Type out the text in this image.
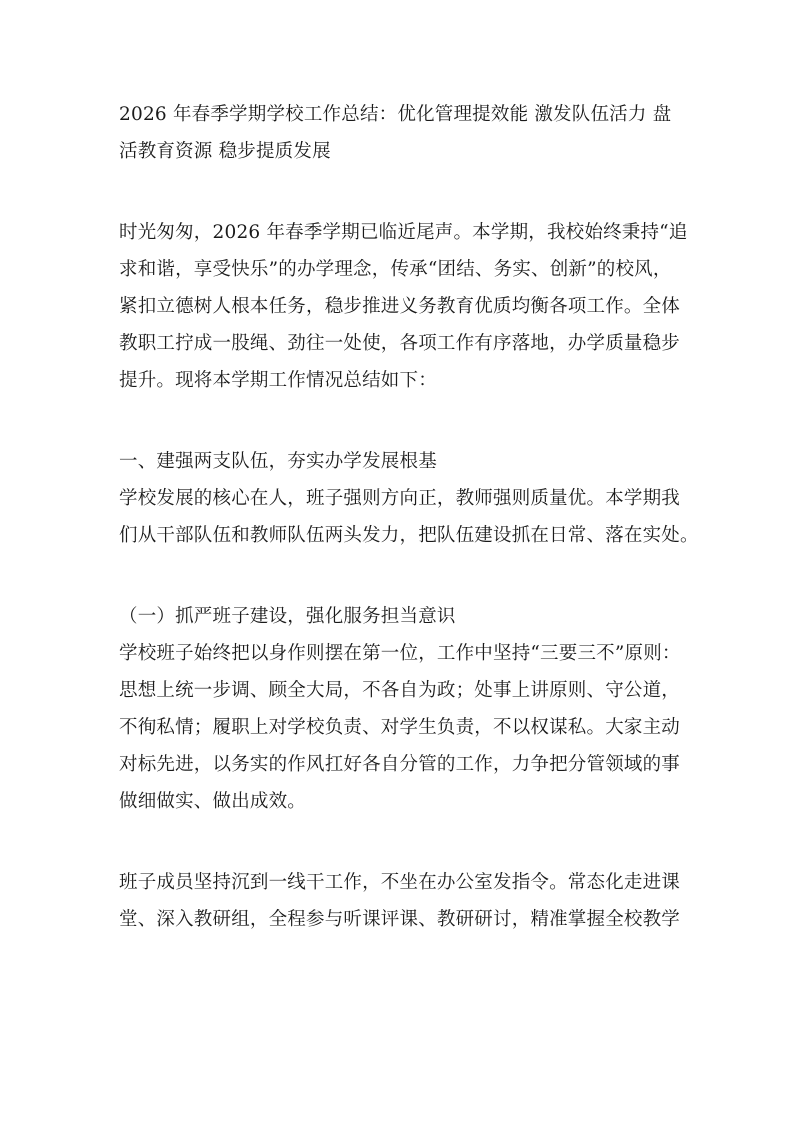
2026 年春季学期学校工作总结：优化管理提效能 激发队伍活力 盘
活教育资源 稳步提质发展
时光匆匆，2026 年春季学期已临近尾声。本学期，我校始终秉持“追
求和谐，享受快乐”的办学理念，传承“团结、务实、创新”的校风，
紧扣立德树人根本任务，稳步推进义务教育优质均衡各项工作。全体
教职工拧成一股绳、劲往一处使，各项工作有序落地，办学质量稳步
提升。现将本学期工作情况总结如下：
一、建强两支队伍，夯实办学发展根基
学校发展的核心在人，班子强则方向正，教师强则质量优。本学期我
们从干部队伍和教师队伍两头发力，把队伍建设抓在日常、落在实处。
（一）抓严班子建设，强化服务担当意识
学校班子始终把以身作则摆在第一位，工作中坚持“三要三不”原则：
思想上统一步调、顾全大局，不各自为政；处事上讲原则、守公道，
不徇私情；履职上对学校负责、对学生负责，不以权谋私。大家主动
对标先进，以务实的作风扛好各自分管的工作，力争把分管领域的事
做细做实、做出成效。
班子成员坚持沉到一线干工作，不坐在办公室发指令。常态化走进课
堂、深入教研组，全程参与听课评课、教研研讨，精准掌握全校教学
